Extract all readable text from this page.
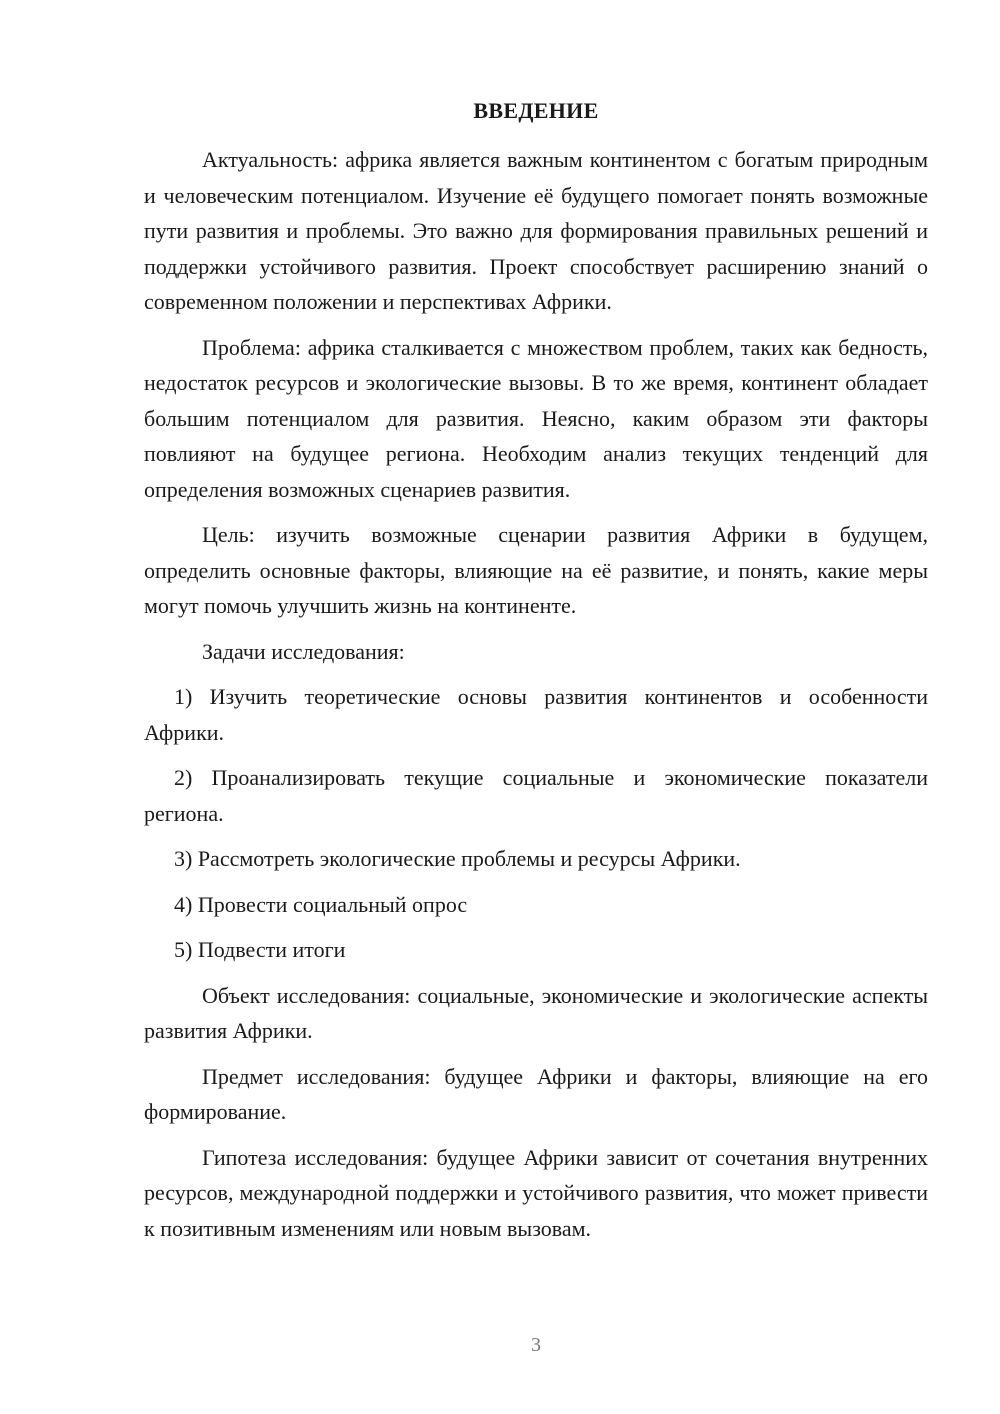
ВВЕДЕНИЕ

Актуальность: африка является важным континентом с богатым природным и человеческим потенциалом. Изучение её будущего помогает понять возможные пути развития и проблемы. Это важно для формирования правильных решений и поддержки устойчивого развития. Проект способствует расширению знаний о современном положении и перспективах Африки.

Проблема: африка сталкивается с множеством проблем, таких как бедность, недостаток ресурсов и экологические вызовы. В то же время, континент обладает большим потенциалом для развития. Неясно, каким образом эти факторы повлияют на будущее региона. Необходим анализ текущих тенденций для определения возможных сценариев развития.

Цель: изучить возможные сценарии развития Африки в будущем, определить основные факторы, влияющие на её развитие, и понять, какие меры могут помочь улучшить жизнь на континенте.

Задачи исследования:

1) Изучить теоретические основы развития континентов и особенности Африки.

2) Проанализировать текущие социальные и экономические показатели региона.

3) Рассмотреть экологические проблемы и ресурсы Африки.

4) Провести социальный опрос

5) Подвести итоги

Объект исследования: социальные, экономические и экологические аспекты развития Африки.

Предмет исследования: будущее Африки и факторы, влияющие на его формирование.

Гипотеза исследования: будущее Африки зависит от сочетания внутренних ресурсов, международной поддержки и устойчивого развития, что может привести к позитивным изменениям или новым вызовам.

3
